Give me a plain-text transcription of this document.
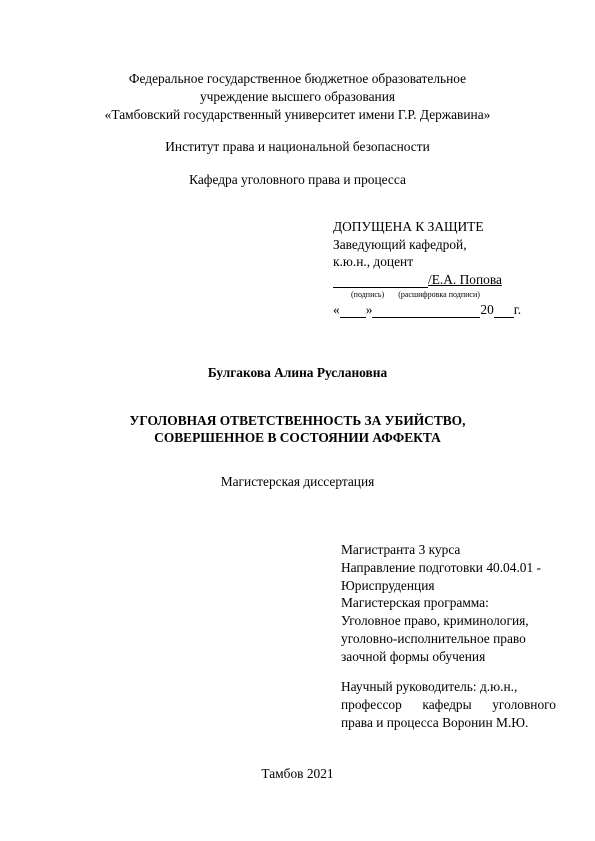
Федеральное государственное бюджетное образовательное
учреждение высшего образования
«Тамбовский государственный университет имени Г.Р. Державина»
Институт права и национальной безопасности
Кафедра уголовного права и процесса
ДОПУЩЕНА К ЗАЩИТЕ
Заведующий кафедрой,
к.ю.н., доцент
/Е.А. Попова
(подпись) (расшифровка подписи)
« »	20 г.
Булгакова Алина Руслановна
УГОЛОВНАЯ ОТВЕТСТВЕННОСТЬ ЗА УБИЙСТВО,
СОВЕРШЕННОЕ В СОСТОЯНИИ АФФЕКТА
Магистерская диссертация
Магистранта 3 курса
Направление подготовки 40.04.01 -
Юриспруденция
Магистерская программа:
Уголовное право, криминология,
уголовно-исполнительное право
заочной формы обучения
Научный руководитель: д.ю.н.,
профессор кафедры уголовного
права и процесса Воронин М.Ю.
Тамбов 2021
